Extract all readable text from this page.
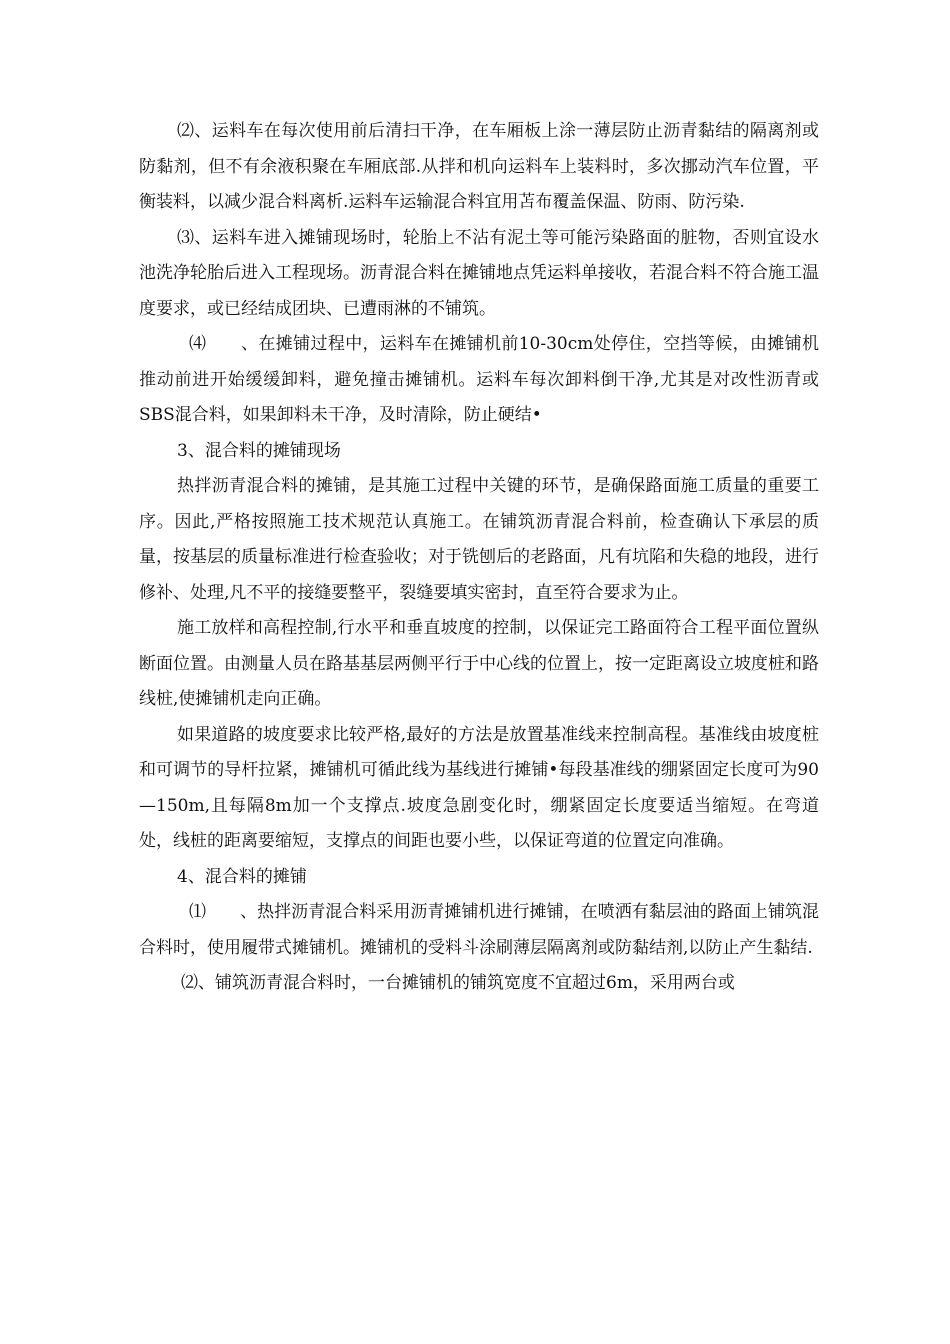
⑵、运料车在每次使用前后清扫干净，在车厢板上涂一薄层防止沥青黏结的隔离剂或防黏剂，但不有余液积聚在车厢底部.从拌和机向运料车上装料时，多次挪动汽车位置，平衡装料，以减少混合料离析.运料车运输混合料宜用苫布覆盖保温、防雨、防污染.

⑶、运料车进入摊铺现场时，轮胎上不沾有泥土等可能污染路面的脏物，否则宜设水池洗净轮胎后进入工程现场。沥青混合料在摊铺地点凭运料单接收，若混合料不符合施工温度要求，或已经结成团块、已遭雨淋的不铺筑。

⑷　　、在摊铺过程中，运料车在摊铺机前10-30cm处停住，空挡等候，由摊铺机推动前进开始缓缓卸料，避免撞击摊铺机。运料车每次卸料倒干净,尤其是对改性沥青或SBS混合料，如果卸料未干净，及时清除，防止硬结•

3、混合料的摊铺现场

热拌沥青混合料的摊铺，是其施工过程中关键的环节，是确保路面施工质量的重要工序。因此,严格按照施工技术规范认真施工。在铺筑沥青混合料前，检查确认下承层的质量，按基层的质量标准进行检查验收；对于铣刨后的老路面，凡有坑陷和失稳的地段，进行修补、处理,凡不平的接缝要整平，裂缝要填实密封，直至符合要求为止。

施工放样和高程控制,行水平和垂直坡度的控制，以保证完工路面符合工程平面位置纵断面位置。由测量人员在路基基层两侧平行于中心线的位置上，按一定距离设立坡度桩和路线桩,使摊铺机走向正确。

如果道路的坡度要求比较严格,最好的方法是放置基准线来控制高程。基准线由坡度桩和可调节的导杆拉紧，摊铺机可循此线为基线进行摊铺•每段基准线的绷紧固定长度可为90—150m,且每隔8m加一个支撑点.坡度急剧变化时，绷紧固定长度要适当缩短。在弯道处，线桩的距离要缩短，支撑点的间距也要小些，以保证弯道的位置定向准确。

4、混合料的摊铺

⑴　　、热拌沥青混合料采用沥青摊铺机进行摊铺，在喷洒有黏层油的路面上铺筑混合料时，使用履带式摊铺机。摊铺机的受料斗涂刷薄层隔离剂或防黏结剂,以防止产生黏结.

⑵、铺筑沥青混合料时，一台摊铺机的铺筑宽度不宜超过6m，采用两台或
